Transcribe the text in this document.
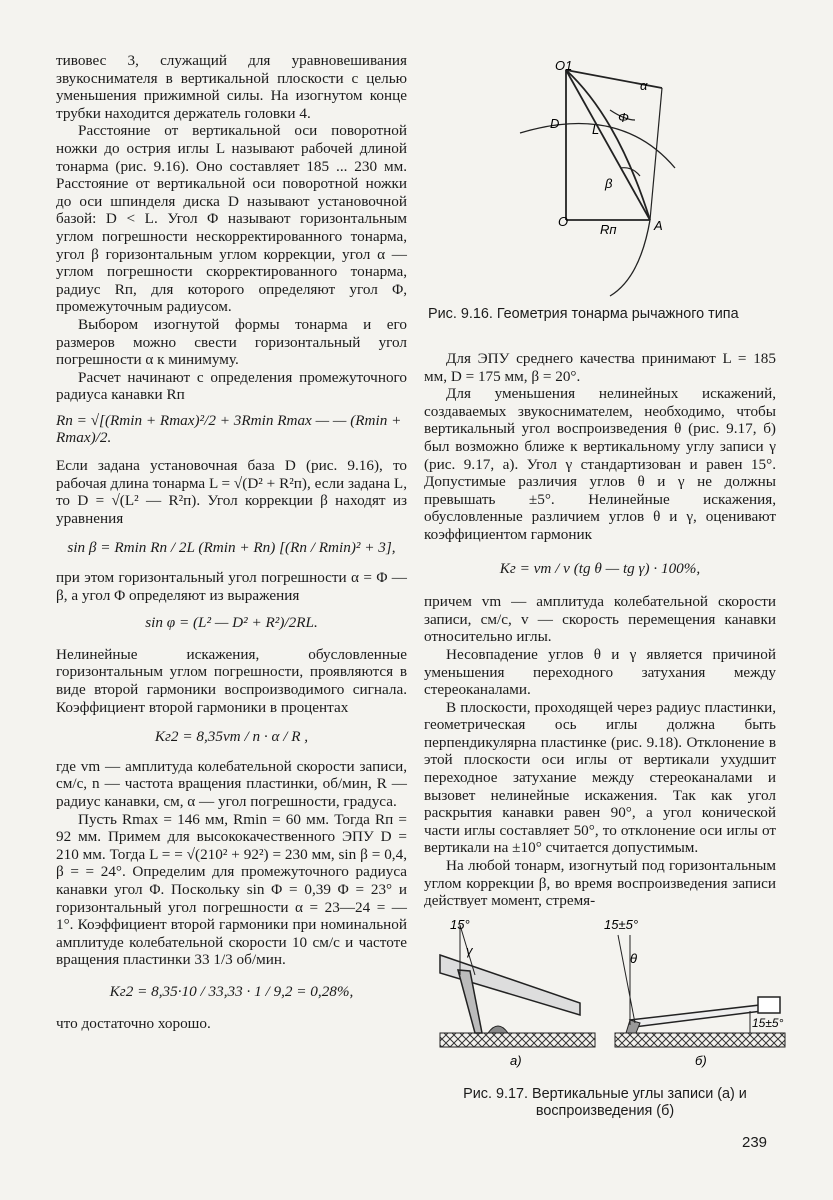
тивовес 3, служащий для уравновешивания звукоснимателя в вертикальной плоскости с целью уменьшения прижимной силы. На изогнутом конце трубки находится держатель головки 4.

Расстояние от вертикальной оси поворотной ножки до острия иглы L называют рабочей длиной тонарма (рис. 9.16). Оно составляет 185 ... 230 мм. Расстояние от вертикальной оси поворотной ножки до оси шпинделя диска D называют установочной базой: D < L. Угол Φ называют горизонтальным углом погрешности нескорректированного тонарма, угол β горизонтальным углом коррекции, угол α — углом погрешности скорректированного тонарма, радиус Rп, для которого определяют угол Φ, промежуточным радиусом.

Выбором изогнутой формы тонарма и его размеров можно свести горизонтальный угол погрешности α к минимуму.

Расчет начинают с определения промежуточного радиуса канавки Rп

Rп = √[(Rmin + Rmax)²/2 + 3Rmin Rmax — — (Rmin + Rmax)/2.

Если задана установочная база D (рис. 9.16), то рабочая длина тонарма L = √(D² + R²п), если задана L, то D = √(L² — R²п). Угол коррекции β находят из уравнения

sin β = Rmin Rп / 2L (Rmin + Rп) [(Rп / Rmin)² + 3],

при этом горизонтальный угол погрешности α = Φ — β, а угол Φ определяют из выражения

sin φ = (L² — D² + R²)/2RL.

Нелинейные искажения, обусловленные горизонтальным углом погрешности, проявляются в виде второй гармоники воспроизводимого сигнала. Коэффициент второй гармоники в процентах

Kг2 = 8,35vm / n · α / R ,

где vm — амплитуда колебательной скорости записи, см/с, n — частота вращения пластинки, об/мин, R — радиус канавки, см, α — угол погрешности, градуса.

Пусть Rmax = 146 мм, Rmin = 60 мм. Тогда Rп = 92 мм. Примем для высококачественного ЭПУ D = 210 мм. Тогда L = = √(210² + 92²) = 230 мм, sin β = 0,4, β = = 24°. Определим для промежуточного радиуса канавки угол Φ. Поскольку sin Φ = 0,39 Φ = 23° и горизонтальный угол погрешности α = 23—24 = — 1°. Коэффициент второй гармоники при номинальной амплитуде колебательной скорости 10 см/с и частоте вращения пластинки 33 1/3 об/мин.

Kг2 = 8,35·10 / 33,33 · 1 / 9,2 = 0,28%,

что достаточно хорошо.

O1
α
D	Φ
L
β
O
Rп	A
Рис. 9.16. Геометрия тонарма рычажного типа

Для ЭПУ среднего качества принимают L = 185 мм, D = 175 мм, β = 20°.

Для уменьшения нелинейных искажений, создаваемых звукоснимателем, необходимо, чтобы вертикальный угол воспроизведения θ (рис. 9.17, б) был возможно ближе к вертикальному углу записи γ (рис. 9.17, а). Угол γ стандартизован и равен 15°. Допустимые различия углов θ и γ не должны превышать ±5°. Нелинейные искажения, обусловленные различием углов θ и γ, оценивают коэффициентом гармоник

Kг = vm / v (tg θ — tg γ) · 100%,

причем vm — амплитуда колебательной скорости записи, см/с, v — скорость перемещения канавки относительно иглы.

Несовпадение углов θ и γ является причиной уменьшения переходного затухания между стереоканалами.

В плоскости, проходящей через радиус пластинки, геометрическая ось иглы должна быть перпендикулярна пластинке (рис. 9.18). Отклонение в этой плоскости оси иглы от вертикали ухудшит переходное затухание между стереоканалами и вызовет нелинейные искажения. Так как угол раскрытия канавки равен 90°, а угол конической части иглы составляет 50°, то отклонение оси иглы от вертикали на ±10° считается допустимым.

На любой тонарм, изогнутый под горизонтальным углом коррекции β, во время воспроизведения записи действует момент, стремя-

15°
γ
а)
15±5°
θ
15±5°
б)
Рис. 9.17. Вертикальные углы записи (а) и воспроизведения (б)
239
